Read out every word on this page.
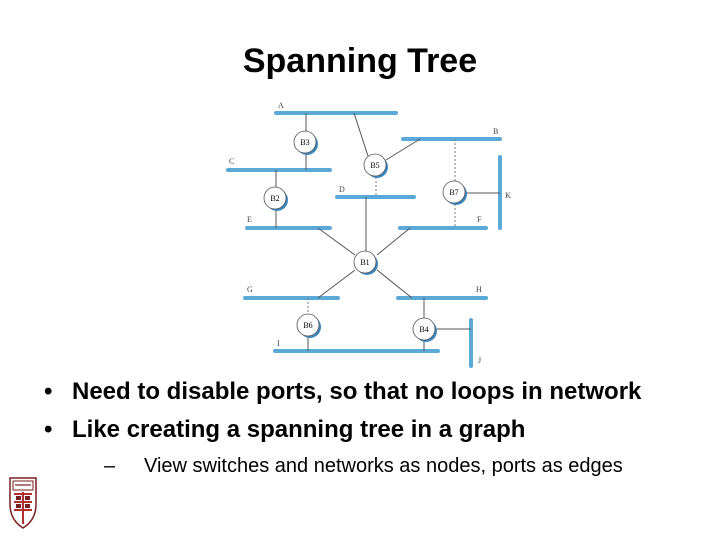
Spanning Tree
B3
B5
B2
B7
B1
B6	B4
A
B
C
D
E	F
G	H
I
J
K
• Need to disable ports, so that no loops in network
• Like creating a spanning tree in a graph
– View switches and networks as nodes, ports as edges
